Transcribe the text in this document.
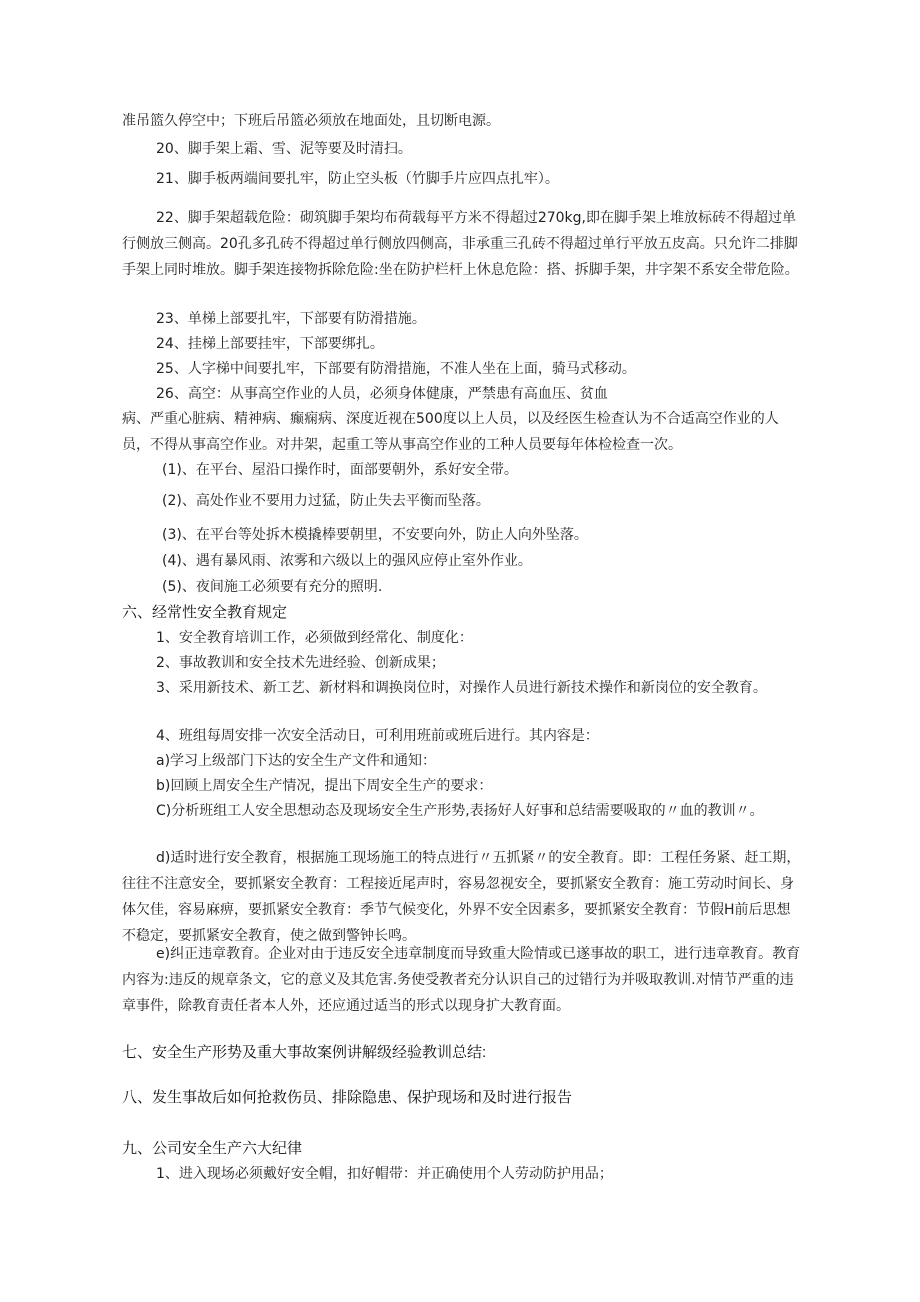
准吊篮久停空中；下班后吊篮必须放在地面处，且切断电源。
20、脚手架上霜、雪、泥等要及时清扫。
21、脚手板两端间要扎牢，防止空头板（竹脚手片应四点扎牢）。
22、脚手架超载危险：砌筑脚手架均布荷载每平方米不得超过270kg,即在脚手架上堆放标砖不得超过单行侧放三侧高。20孔多孔砖不得超过单行侧放四侧高，非承重三孔砖不得超过单行平放五皮高。只允许二排脚手架上同时堆放。脚手架连接物拆除危险:坐在防护栏杆上休息危险：搭、拆脚手架，井字架不系安全带危险。
23、单梯上部要扎牢，下部要有防滑措施。
24、挂梯上部要挂牢，下部要绑扎。
25、人字梯中间要扎牢，下部要有防滑措施，不准人坐在上面，骑马式移动。
26、高空：从事高空作业的人员，必须身体健康，严禁患有高血压、贫血
病、严重心脏病、精神病、癫痫病、深度近视在500度以上人员，以及经医生检查认为不合适高空作业的人员，不得从事高空作业。对井架，起重工等从事高空作业的工种人员要每年体检检查一次。
(1)、在平台、屋沿口操作时，面部要朝外，系好安全带。
(2)、高处作业不要用力过猛，防止失去平衡而坠落。
(3)、在平台等处拆木模撬棒要朝里，不安要向外，防止人向外坠落。
(4)、遇有暴风雨、浓雾和六级以上的强风应停止室外作业。
(5)、夜间施工必须要有充分的照明.
六、经常性安全教育规定
1、安全教育培训工作，必须做到经常化、制度化：
2、事故教训和安全技术先进经验、创新成果；
3、采用新技术、新工艺、新材料和调换岗位时，对操作人员进行新技术操作和新岗位的安全教育。
4、班组每周安排一次安全活动日，可利用班前或班后进行。其内容是：
a)学习上级部门下达的安全生产文件和通知：
b)回顾上周安全生产情况，提出下周安全生产的要求：
C)分析班组工人安全思想动态及现场安全生产形势,表扬好人好事和总结需要吸取的〃血的教训〃。
d)适时进行安全教育，根据施工现场施工的特点进行〃五抓紧〃的安全教育。即：工程任务紧、赶工期，往往不注意安全，要抓紧安全教育：工程接近尾声时，容易忽视安全，要抓紧安全教育：施工劳动时间长、身体欠佳，容易麻痹，要抓紧安全教育：季节气候变化，外界不安全因素多，要抓紧安全教育：节假H前后思想不稳定，要抓紧安全教育，使之做到警钟长鸣。
e)纠正违章教育。企业对由于违反安全违章制度而导致重大险情或已遂事故的职工，进行违章教育。教育内容为:违反的规章条文，它的意义及其危害.务使受教者充分认识自己的过错行为并吸取教训.对情节严重的违章事件，除教育责任者本人外，还应通过适当的形式以现身扩大教育面。
七、安全生产形势及重大事故案例讲解级经验教训总结:
八、发生事故后如何抢救伤员、排除隐患、保护现场和及时进行报告
九、公司安全生产六大纪律
1、进入现场必须戴好安全帽，扣好帽带：并正确使用个人劳动防护用品；
